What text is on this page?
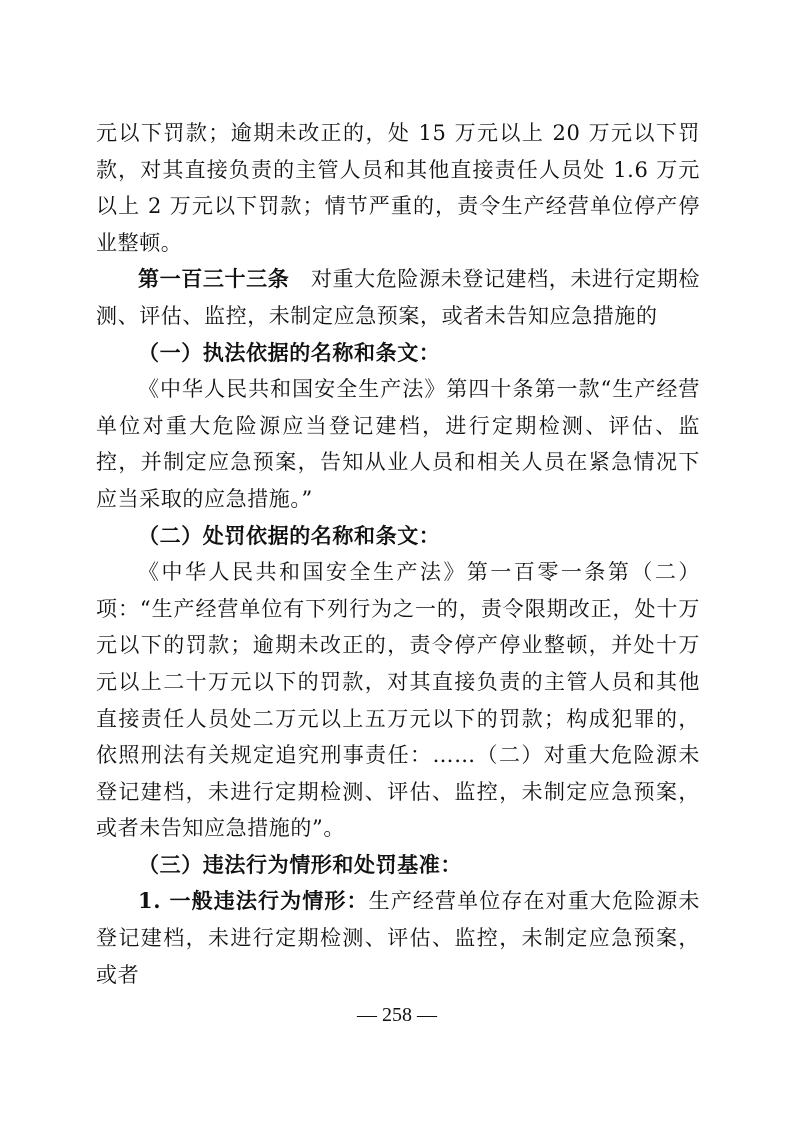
元以下罚款；逾期未改正的，处 15 万元以上 20 万元以下罚款，对其直接负责的主管人员和其他直接责任人员处 1.6 万元以上 2 万元以下罚款；情节严重的，责令生产经营单位停产停业整顿。

第一百三十三条　对重大危险源未登记建档，未进行定期检测、评估、监控，未制定应急预案，或者未告知应急措施的

（一）执法依据的名称和条文：

《中华人民共和国安全生产法》第四十条第一款“生产经营单位对重大危险源应当登记建档，进行定期检测、评估、监控，并制定应急预案，告知从业人员和相关人员在紧急情况下应当采取的应急措施。”

（二）处罚依据的名称和条文：

《中华人民共和国安全生产法》第一百零一条第（二）项：“生产经营单位有下列行为之一的，责令限期改正，处十万元以下的罚款；逾期未改正的，责令停产停业整顿，并处十万元以上二十万元以下的罚款，对其直接负责的主管人员和其他直接责任人员处二万元以上五万元以下的罚款；构成犯罪的，依照刑法有关规定追究刑事责任：……（二）对重大危险源未登记建档，未进行定期检测、评估、监控，未制定应急预案，或者未告知应急措施的”。

（三）违法行为情形和处罚基准：

1. 一般违法行为情形：生产经营单位存在对重大危险源未登记建档，未进行定期检测、评估、监控，未制定应急预案，或者

— 258 —
